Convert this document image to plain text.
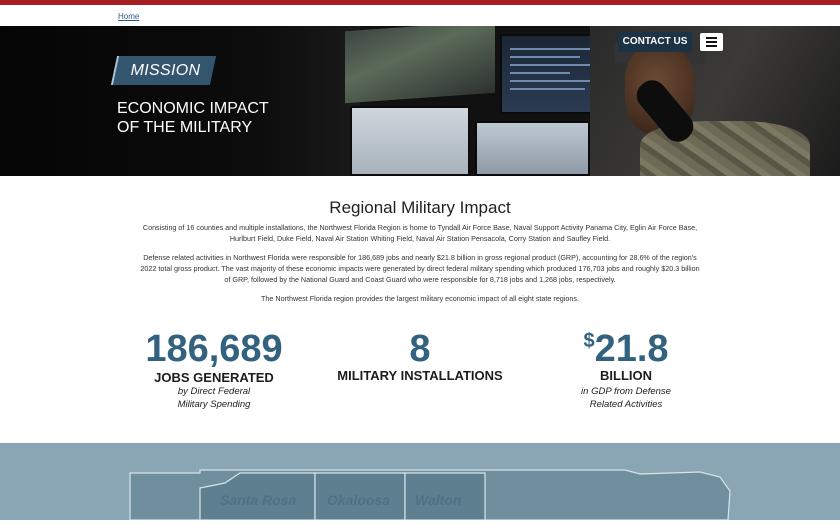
Home
MISSION
ECONOMIC IMPACT
OF THE MILITARY
CONTACT US
Regional Military Impact
Consisting of 16 counties and multiple installations, the Northwest Florida Region is home to Tyndall Air Force Base, Naval Support Activity Panama City, Eglin Air Force Base, Hurlburt Field, Duke Field, Naval Air Station Whiting Field, Naval Air Station Pensacola, Corry Station and Saufley Field.
Defense related activities in Northwest Florida were responsible for 186,689 jobs and nearly $21.8 billion in gross regional product (GRP), accounting for 28.6% of the region's 2022 total gross product. The vast majority of these economic impacts were generated by direct federal military spending which produced 176,703 jobs and roughly $20.3 billion of GRP, followed by the National Guard and Coast Guard who were responsible for 8,718 jobs and 1,268 jobs, respectively.
The Northwest Florida region provides the largest military economic impact of all eight state regions.
186,689
JOBS GENERATED
by Direct Federal
Military Spending
8
MILITARY INSTALLATIONS
$21.8
BILLION
in GDP from Defense
Related Activities
Santa Rosa Okaloosa Walton
